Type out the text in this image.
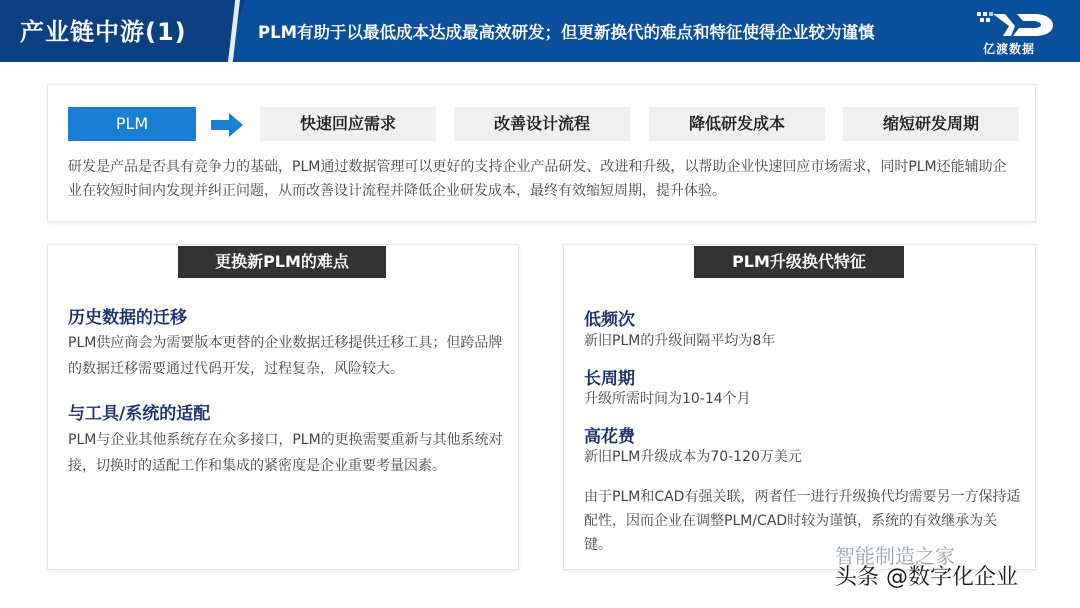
产业链中游(1)	PLM有助于以最低成本达成最高效研发；但更新换代的难点和特征使得企业较为谨慎
亿渡数据
PLM	快速回应需求	改善设计流程	降低研发成本	缩短研发周期
研发是产品是否具有竞争力的基础，PLM通过数据管理可以更好的支持企业产品研发、改进和升级，以帮助企业快速回应市场需求，同时PLM还能辅助企业在较短时间内发现并纠正问题，从而改善设计流程并降低企业研发成本，最终有效缩短周期，提升体验。
更换新PLM的难点
历史数据的迁移
PLM供应商会为需要版本更替的企业数据迁移提供迁移工具；但跨品牌的数据迁移需要通过代码开发，过程复杂，风险较大。
与工具/系统的适配
PLM与企业其他系统存在众多接口，PLM的更换需要重新与其他系统对接，切换时的适配工作和集成的紧密度是企业重要考量因素。
PLM升级换代特征
低频次
新旧PLM的升级间隔平均为8年
长周期
升级所需时间为10-14个月
高花费
新旧PLM升级成本为70-120万美元
由于PLM和CAD有强关联，两者任一进行升级换代均需要另一方保持适配性，因而企业在调整PLM/CAD时较为谨慎，系统的有效继承为关键。	智能制造之家
头条 @数字化企业
